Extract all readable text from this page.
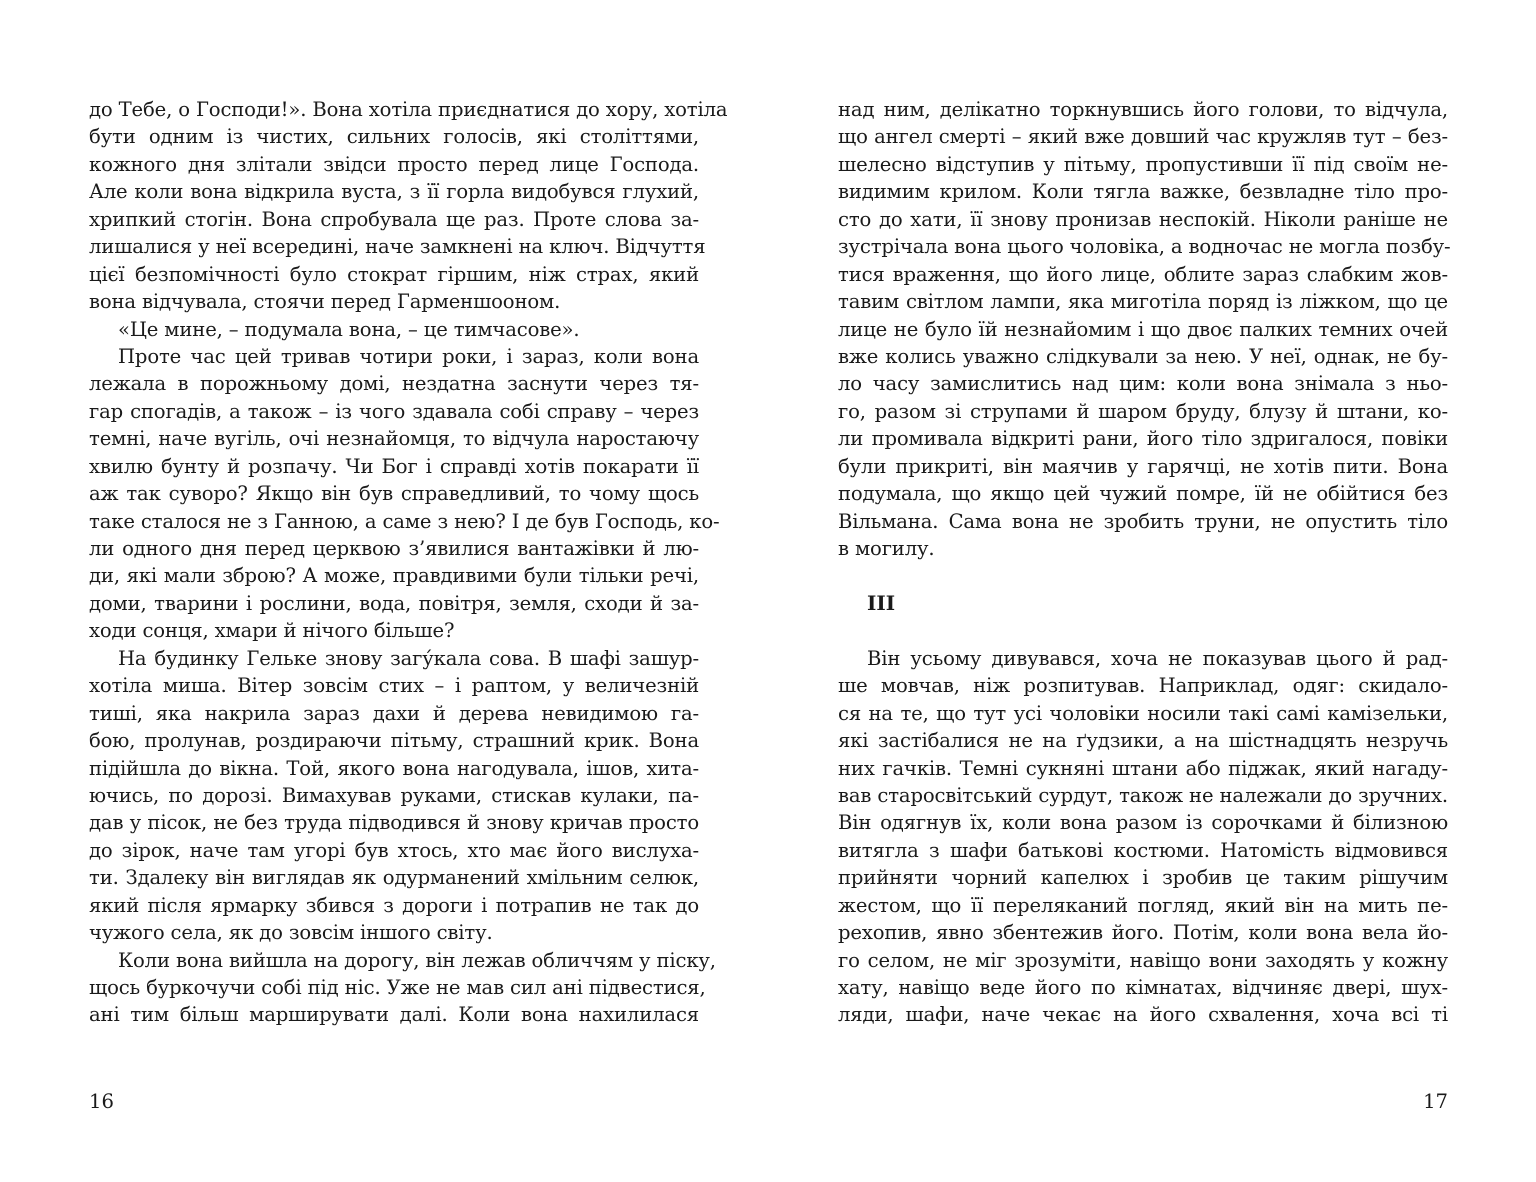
до Тебе, о Господи!». Вона хотіла приєднатися до хору, хотіла
бути одним із чистих, сильних голосів, які століттями,
кожного дня злітали звідси просто перед лице Господа.
Але коли вона відкрила вуста, з її горла видобувся глухий,
хрипкий стогін. Вона спробувала ще раз. Проте слова за-
лишалися у неї всередині, наче замкнені на ключ. Відчуття
цієї безпомічності було стократ гіршим, ніж страх, який
вона відчувала, стоячи перед Гарменшооном.
«Це мине, – подумала вона, – це тимчасове».
Проте час цей тривав чотири роки, і зараз, коли вона
лежала в порожньому домі, нездатна заснути через тя-
гар спогадів, а також – із чого здавала собі справу – через
темні, наче вугіль, очі незнайомця, то відчула наростаючу
хвилю бунту й розпачу. Чи Бог і справді хотів покарати її
аж так суворо? Якщо він був справедливий, то чому щось
таке сталося не з Ганною, а саме з нею? І де був Господь, ко-
ли одного дня перед церквою з’явилися вантажівки й лю-
ди, які мали зброю? А може, правдивими були тільки речі,
доми, тварини і рослини, вода, повітря, земля, сходи й за-
ходи сонця, хмари й нічого більше?
На будинку Гельке знову загу́кала сова. В шафі зашур-
хотіла миша. Вітер зовсім стих – і раптом, у величезній
тиші, яка накрила зараз дахи й дерева невидимою га-
бою, пролунав, роздираючи пітьму, страшний крик. Вона
підійшла до вікна. Той, якого вона нагодувала, ішов, хита-
ючись, по дорозі. Вимахував руками, стискав кулаки, па-
дав у пісок, не без труда підводився й знову кричав просто
до зірок, наче там угорі був хтось, хто має його вислуха-
ти. Здалеку він виглядав як одурманений хмільним селюк,
який після ярмарку збився з дороги і потрапив не так до
чужого села, як до зовсім іншого світу.
Коли вона вийшла на дорогу, він лежав обличчям у піску,
щось буркочучи собі під ніс. Уже не мав сил ані підвестися,
ані тим більш марширувати далі. Коли вона нахилилася
16
над ним, делікатно торкнувшись його голови, то відчула,
що ангел смерті – який вже довший час кружляв тут – без-
шелесно відступив у пітьму, пропустивши її під своїм не-
видимим крилом. Коли тягла важке, безвладне тіло про-
сто до хати, її знову пронизав неспокій. Ніколи раніше не
зустрічала вона цього чоловіка, а водночас не могла позбу-
тися враження, що його лице, облите зараз слабким жов-
тавим світлом лампи, яка миготіла поряд із ліжком, що це
лице не було їй незнайомим і що двоє палких темних очей
вже колись уважно слідкували за нею. У неї, однак, не бу-
ло часу замислитись над цим: коли вона знімала з ньо-
го, разом зі струпами й шаром бруду, блузу й штани, ко-
ли промивала відкриті рани, його тіло здригалося, повіки
були прикриті, він маячив у гарячці, не хотів пити. Вона
подумала, що якщо цей чужий помре, їй не обійтися без
Вільмана. Сама вона не зробить труни, не опустить тіло
в могилу.
III
Він усьому дивувався, хоча не показував цього й рад-
ше мовчав, ніж розпитував. Наприклад, одяг: скидало-
ся на те, що тут усі чоловіки носили такі самі камізельки,
які застібалися не на ґудзики, а на шістнадцять незручь
них гачків. Темні сукняні штани або піджак, який нагаду-
вав старосвітський сурдут, також не належали до зручних.
Він одягнув їх, коли вона разом із сорочками й білизною
витягла з шафи батькові костюми. Натомість відмовився
прийняти чорний капелюх і зробив це таким рішучим
жестом, що її переляканий погляд, який він на мить пе-
рехопив, явно збентежив його. Потім, коли вона вела йо-
го селом, не міг зрозуміти, навіщо вони заходять у кожну
хату, навіщо веде його по кімнатах, відчиняє двері, шух-
ляди, шафи, наче чекає на його схвалення, хоча всі ті
17
